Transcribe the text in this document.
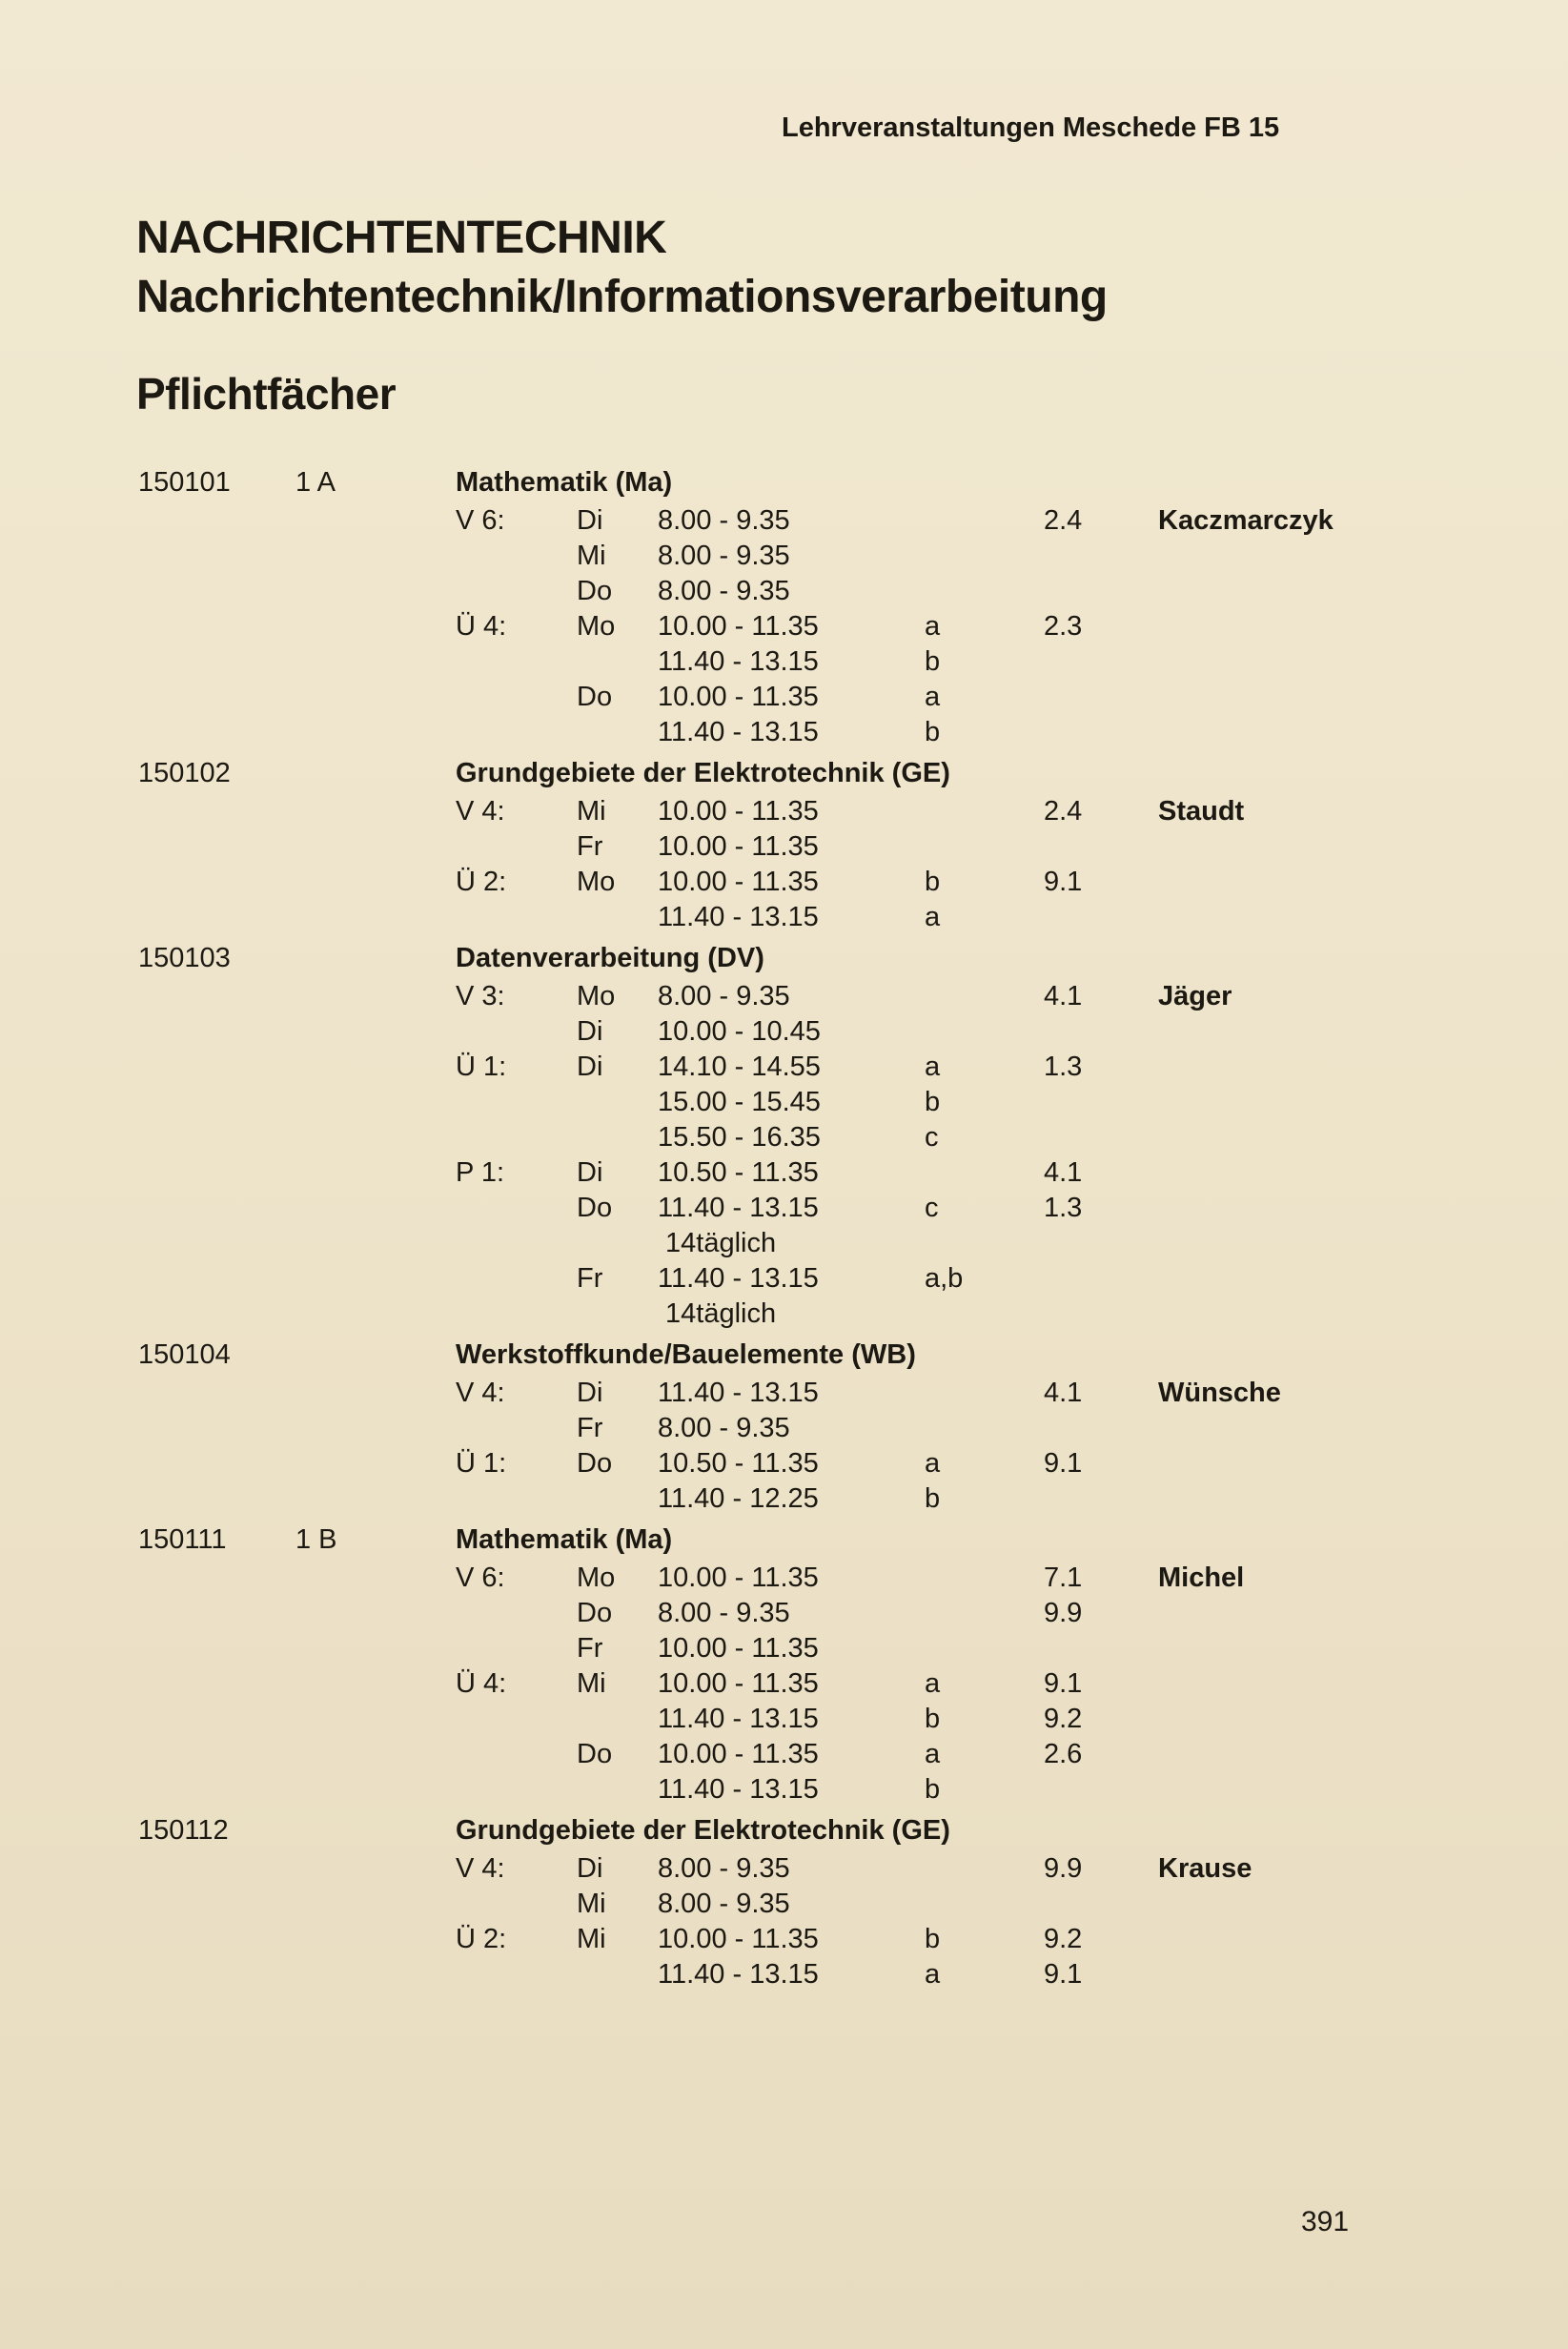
Lehrveranstaltungen Meschede FB 15
NACHRICHTENTECHNIK
Nachrichtentechnik/Informationsverarbeitung
Pflichtfächer
150101 1 A	Mathematik (Ma)
V 6:	Di 8.00 - 9.35	2.4	Kaczmarczyk
Mi 8.00 - 9.35
Do 8.00 - 9.35
Ü 4:	Mo 10.00 - 11.35	a	2.3
11.40 - 13.15	b
Do 10.00 - 11.35	a
11.40 - 13.15	b
150102	Grundgebiete der Elektrotechnik (GE)
V 4:	Mi 10.00 - 11.35	2.4	Staudt
Fr 10.00 - 11.35
Ü 2:	Mo 10.00 - 11.35	b	9.1
11.40 - 13.15	a
150103	Datenverarbeitung (DV)
V 3:	Mo 8.00 - 9.35	4.1	Jäger
Di 10.00 - 10.45
Ü 1:	Di 14.10 - 14.55	a	1.3
15.00 - 15.45	b
15.50 - 16.35	c
P 1:	Di 10.50 - 11.35	4.1
Do 11.40 - 13.15	c	1.3
14täglich
Fr 11.40 - 13.15	a,b
14täglich
150104	Werkstoffkunde/Bauelemente (WB)
V 4:	Di 11.40 - 13.15	4.1	Wünsche
Fr 8.00 - 9.35
Ü 1:	Do 10.50 - 11.35	a	9.1
11.40 - 12.25	b
150111	1 B	Mathematik (Ma)
V 6:	Mo 10.00 - 11.35	7.1	Michel
Do 8.00 - 9.35	9.9
Fr 10.00 - 11.35
Ü 4:	Mi 10.00 - 11.35	a	9.1
11.40 - 13.15	b	9.2
Do 10.00 - 11.35	a	2.6
11.40 - 13.15	b
150112	Grundgebiete der Elektrotechnik (GE)
V 4:	Di 8.00 - 9.35	9.9	Krause
Mi 8.00 - 9.35
Ü 2:	Mi 10.00 - 11.35	b	9.2
11.40 - 13.15	a	9.1
391
